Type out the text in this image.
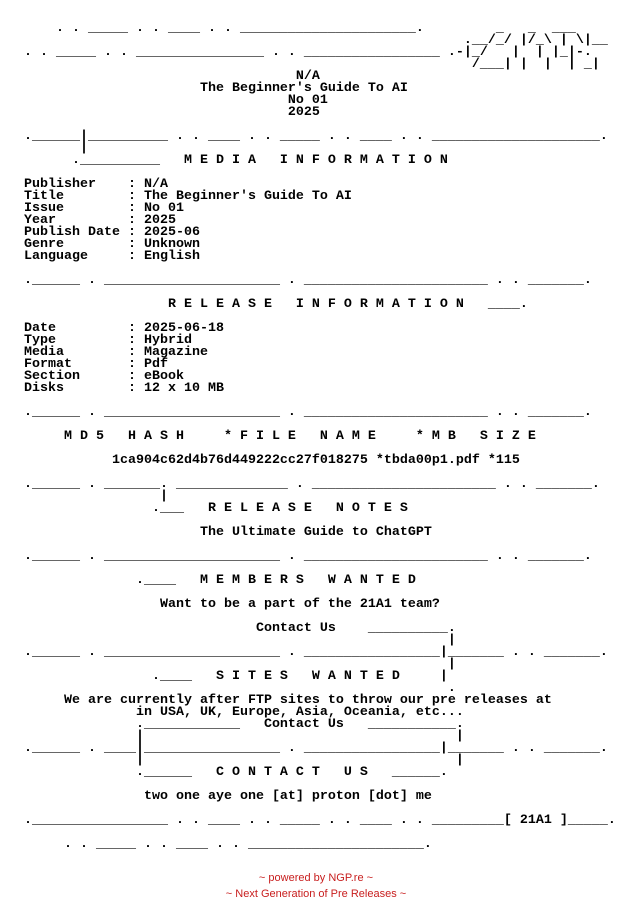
. . _____ . . ____ . . ______________________.         _   _  ___
.__/_/ |/_\ | \|__
. . _____ . . ________________ . . _________________ .-|_/   |  | |_|-.
/___| |  |  | _|
N/A
The Beginner's Guide To AI
No 01
2025

.______|__________ . . ____ . . _____ . . ____ . . _____________________.
|
.__________   M E D I A   I N F O R M A T I O N

Publisher    : N/A
Title        : The Beginner's Guide To AI
Issue        : No 01
Year         : 2025
Publish Date : 2025-06
Genre        : Unknown
Language     : English

.______ . ______________________ . _______________________ . . _______.

R E L E A S E   I N F O R M A T I O N   ____.

Date         : 2025-06-18
Type         : Hybrid
Media        : Magazine
Format       : Pdf
Section      : eBook
Disks        : 12 x 10 MB

.______ . ______________________ . _______________________ . . _______.

M D 5   H A S H     * F I L E   N A M E     * M B   S I Z E

1ca904c62d4b76d449222cc27f018275 *tbda00p1.pdf *115

.______ . _______. ______________ . _______________________ . . _______.
|
.___   R E L E A S E   N O T E S

The Ultimate Guide to ChatGPT

.______ . ______________________ . _______________________ . . _______.

.____   M E M B E R S   W A N T E D

Want to be a part of the 21A1 team?

Contact Us    __________.
|
.______ . ______________________ . _________________|_______ . . _______.
|
.____   S I T E S   W A N T E D     |
.
We are currently after FTP sites to throw our pre releases at
in USA, UK, Europe, Asia, Oceania, etc...
.____________   Contact Us   ___________.
|                                       |
.______ . ____|_________________ . _________________|_______ . . _______.
|                                       |
.______   C O N T A C T   U S   ______.

two one aye one [at] proton [dot] me

._________________ . . ____ . . _____ . . ____ . . _________[ 21A1 ]_____.

. . _____ . . ____ . . ______________________.
~ powered by NGP.re ~
~ Next Generation of Pre Releases ~
